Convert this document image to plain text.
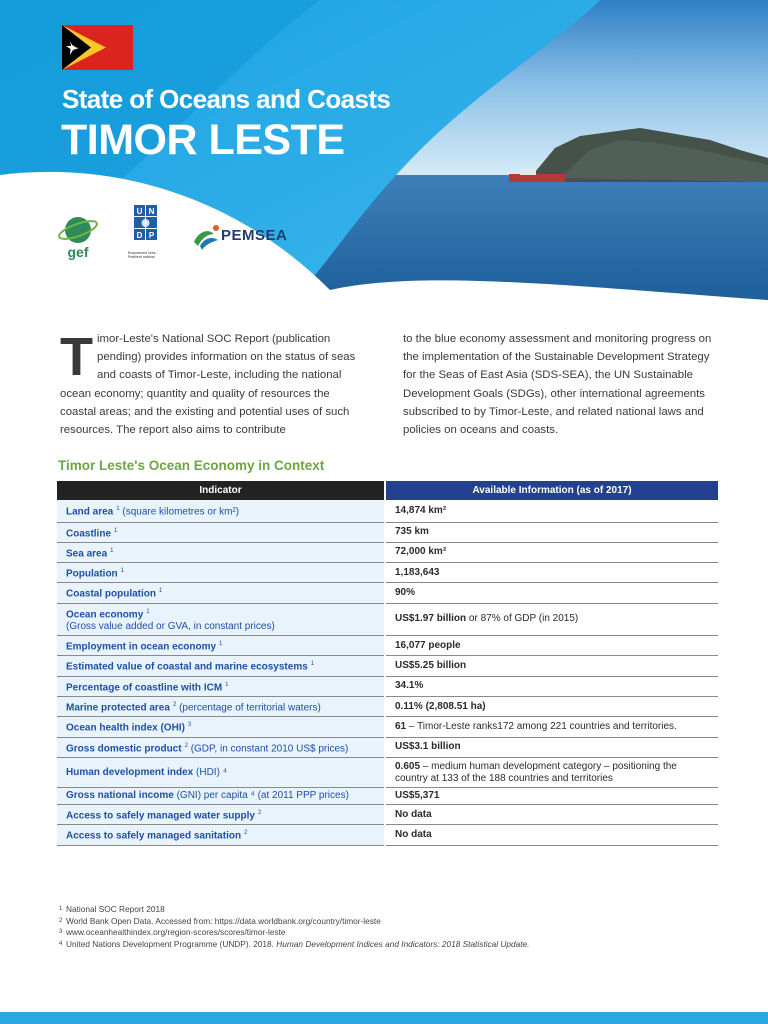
State of Oceans and Coasts
TIMOR LESTE
gef
U N
D P
Empowered lives. Resilient nations.
PEMSEA
Timor-Leste's National SOC Report (publication pending) provides information on the status of seas and coasts of Timor-Leste, including the national ocean economy; quantity and quality of resources the coastal areas; and the existing and potential uses of such resources. The report also aims to contribute
to the blue economy assessment and monitoring progress on the implementation of the Sustainable Development Strategy for the Seas of East Asia (SDS-SEA), the UN Sustainable Development Goals (SDGs), other international agreements subscribed to by Timor-Leste, and related national laws and policies on oceans and coasts.
Timor Leste's Ocean Economy in Context
Indicator	Available Information (as of 2017)
Land area $^1$ (square kilometres or km²)	14,874 km²
Coastline $^1$	735 km
Sea area $^1$	72,000 km²
Population $^1$	1,183,643
Coastal population $^1$	90%
Ocean economy $^1$
(Gross value added or GVA, in constant prices)	US$1.97 billion or 87% of GDP (in 2015)
Employment in ocean economy $^1$	16,077 people
Estimated value of coastal and marine ecosystems $^1$	US$5.25 billion
Percentage of coastline with ICM $^1$	34.1%
Marine protected area $^2$ (percentage of territorial waters)	0.11% (2,808.51 ha)
Ocean health index (OHI) $^3$	61 – Timor-Leste ranks172 among 221 countries and territories.
Gross domestic product $^2$ (GDP, in constant 2010 US$ prices)	US$3.1 billion
Human development index (HDI) ⁴	0.605 – medium human development category – positioning the country at 133 of the 188 countries and territories
Gross national income (GNI) per capita ⁴ (at 2011 PPP prices)	US$5,371
Access to safely managed water supply $^2$	No data
Access to safely managed sanitation $^2$	No data
1 National SOC Report 2018
2 World Bank Open Data. Accessed from: https://data.worldbank.org/country/timor-leste
3 www.oceanhealthindex.org/region-scores/scores/timor-leste
4 United Nations Development Programme (UNDP). 2018. Human Development Indices and Indicators: 2018 Statistical Update.
